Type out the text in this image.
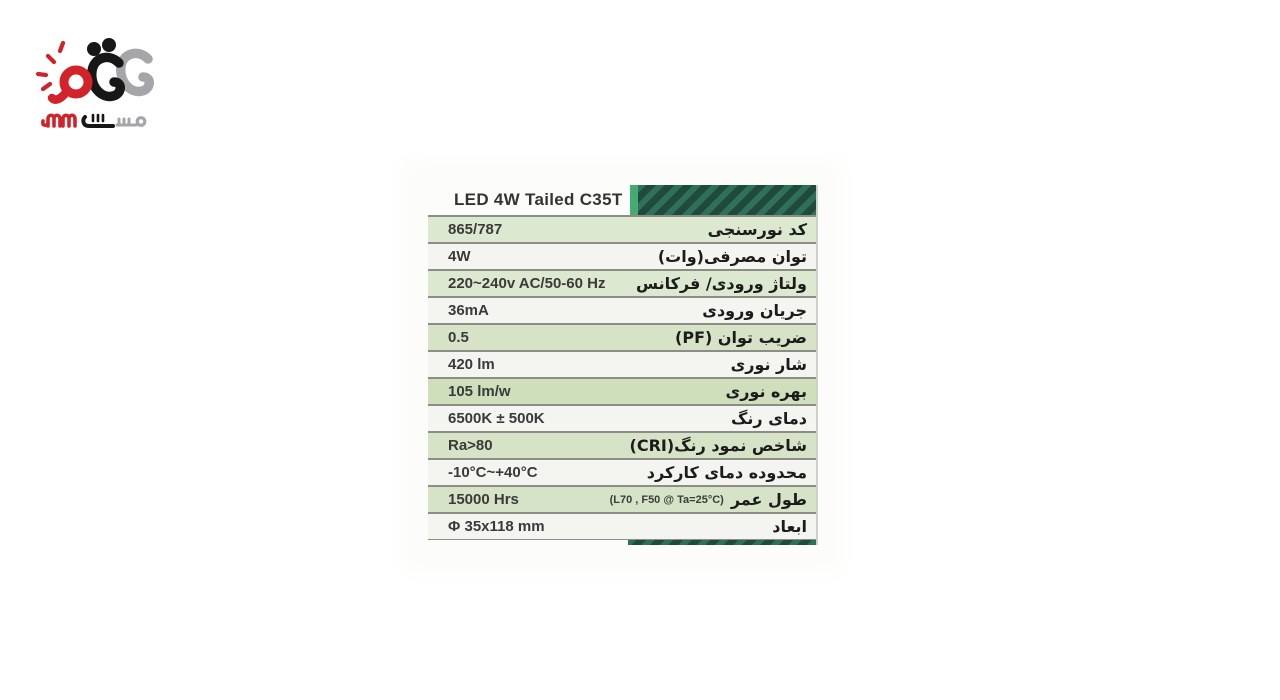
LED 4W Tailed C35T
865/787	کد نورسنجی
4W	توان مصرفی(وات)
220~240v AC/50-60 Hz ولتاژ ورودی/ فرکانس
36mA	جریان ورودی
0.5	ضریب توان (PF)
420 lm	شار نوری
105 lm/w	بهره نوری
6500K ± 500K	دمای رنگ
Ra>80	شاخص نمود رنگ(CRI)
-10°C~+40°C	محدوده دمای کارکرد
15000 Hrs	طول عمر
(L70 , F50 @ Ta=25°C)
Φ 35x118 mm	ابعاد
